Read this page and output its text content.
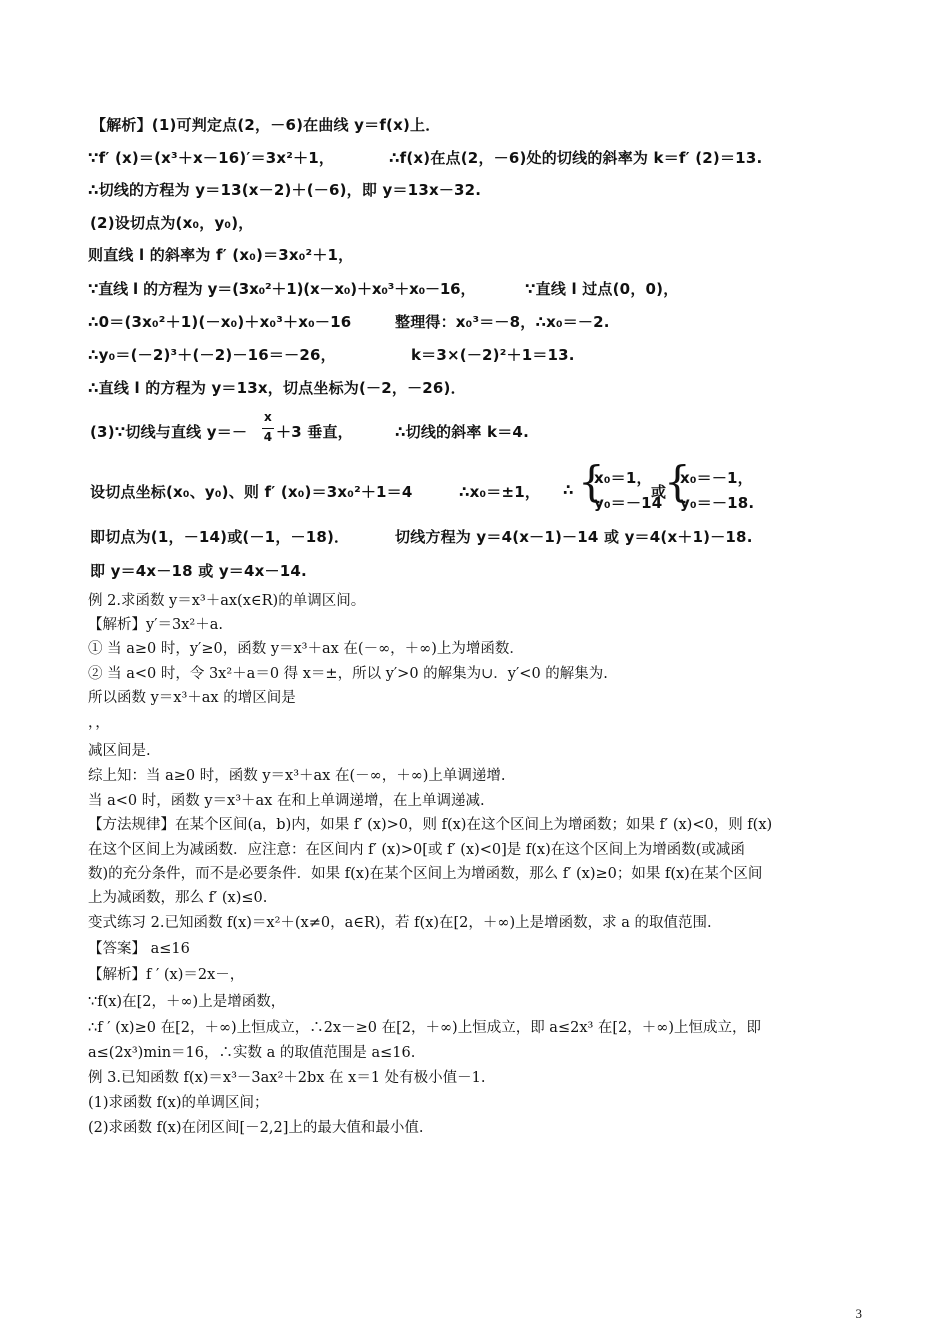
【解析】(1)可判定点(2，－6)在曲线 y＝f(x)上．
∵f′ (x)＝(x³＋x－16)′＝3x²＋1，	∴f(x)在点(2，－6)处的切线的斜率为 k＝f′ (2)＝13.
∴切线的方程为 y＝13(x－2)＋(－6)，即 y＝13x－32.
(2)设切点为(x₀，y₀)，
则直线 l 的斜率为 f′ (x₀)＝3x₀²＋1，
∵直线 l 的方程为 y＝(3x₀²＋1)(x－x₀)＋x₀³＋x₀－16，	∵直线 l 过点(0，0)，
∴0＝(3x₀²＋1)(－x₀)＋x₀³＋x₀－16	整理得：x₀³＝－8，∴x₀＝－2.
∴y₀＝(－2)³＋(－2)－16＝－26，	k＝3×(－2)²＋1＝13.
∴直线 l 的方程为 y＝13x，切点坐标为(－2，－26)．
(3)∵切线与直线 y＝－
x
4 ＋3 垂直，	∴切线的斜率 k＝4.
设切点坐标(x₀、y₀)、则 f′ (x₀)＝3x₀²＋1＝4	∴x₀＝±1， ∴ {
x₀＝1，
y₀＝－14
或
{
x₀＝－1，
y₀＝－18.
即切点为(1，－14)或(－1，－18)．	切线方程为 y＝4(x－1)－14 或 y＝4(x＋1)－18.
即 y＝4x－18 或 y＝4x－14.
例 2.求函数 y＝x³＋ax(x∈R)的单调区间。
【解析】y′＝3x²＋a.
① 当 a≥0 时，y′≥0，函数 y＝x³＋ax 在(－∞，＋∞)上为增函数．
② 当 a<0 时，令 3x²＋a＝0 得 x＝±，所以 y′>0 的解集为∪．y′<0 的解集为.
所以函数 y＝x³＋ax 的增区间是
，，
减区间是.
综上知：当 a≥0 时，函数 y＝x³＋ax 在(－∞，＋∞)上单调递增.
当 a<0 时，函数 y＝x³＋ax 在和上单调递增，在上单调递减.
【方法规律】在某个区间(a，b)内，如果 f′ (x)>0，则 f(x)在这个区间上为增函数；如果 f′ (x)<0，则 f(x)
在这个区间上为减函数．应注意：在区间内 f′ (x)>0[或 f′ (x)<0]是 f(x)在这个区间上为增函数(或减函
数)的充分条件，而不是必要条件．如果 f(x)在某个区间上为增函数，那么 f′ (x)≥0；如果 f(x)在某个区间
上为减函数，那么 f′ (x)≤0.
变式练习 2.已知函数 f(x)＝x²＋(x≠0，a∈R)，若 f(x)在[2，＋∞)上是增函数，求 a 的取值范围.
【答案】 a≤16
【解析】f ′ (x)＝2x－，
∵f(x)在[2，＋∞)上是增函数，
∴f ′ (x)≥0 在[2，＋∞)上恒成立，∴2x－≥0 在[2，＋∞)上恒成立，即 a≤2x³ 在[2，＋∞)上恒成立，即
a≤(2x³)min＝16，∴实数 a 的取值范围是 a≤16.
例 3.已知函数 f(x)＝x³－3ax²＋2bx 在 x＝1 处有极小值－1.
(1)求函数 f(x)的单调区间；
(2)求函数 f(x)在闭区间[－2,2]上的最大值和最小值.
3
